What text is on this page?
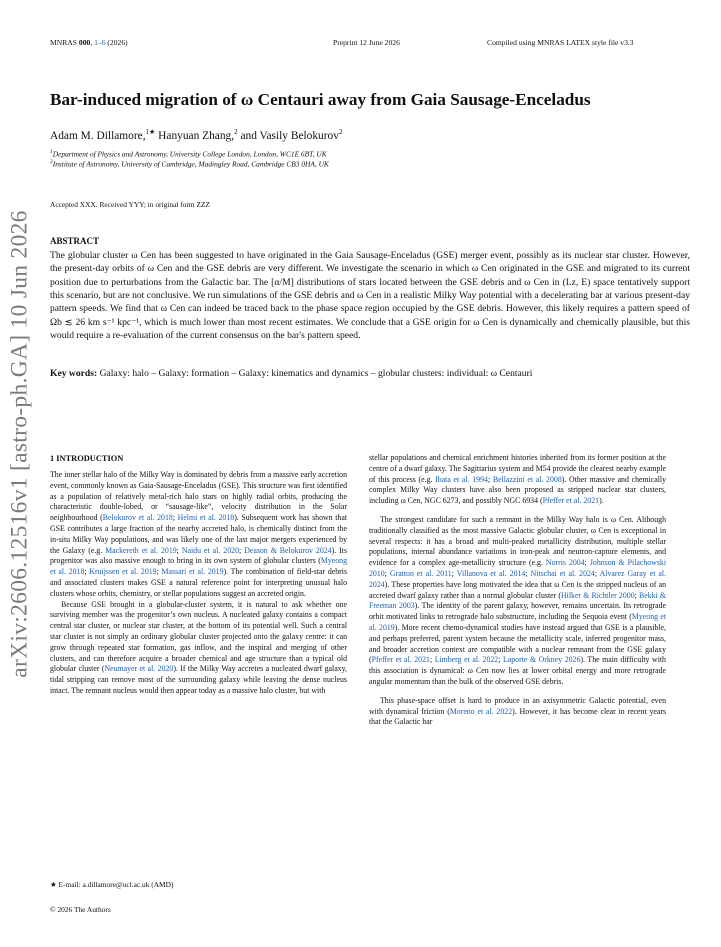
MNRAS 000, 1–6 (2026)	Preprint 12 June 2026	Compiled using MNRAS LATEX style file v3.3
Bar-induced migration of ω Centauri away from Gaia Sausage-Enceladus
Adam M. Dillamore,$^{1★}$ Hanyuan Zhang,$^2$ and Vasily Belokurov$^2$
$^1$Department of Physics and Astronomy, University College London, London, WC1E 6BT, UK
$^2$Institute of Astronomy, University of Cambridge, Madingley Road, Cambridge CB3 0HA, UK
Accepted XXX. Received YYY; in original form ZZZ
arXiv:2606.12516v1 [astro-ph.GA] 10 Jun 2026 ABSTRACT
The globular cluster ω Cen has been suggested to have originated in the Gaia Sausage-Enceladus (GSE) merger event, possibly as its nuclear star cluster. However, the present-day orbits of ω Cen and the GSE debris are very different. We investigate the scenario in which ω Cen originated in the GSE and migrated to its current position due to perturbations from the Galactic bar. The [α/M] distributions of stars located between the GSE debris and ω Cen in (Lz, E) space tentatively support this scenario, but are not conclusive. We run simulations of the GSE debris and ω Cen in a realistic Milky Way potential with a decelerating bar at various present-day pattern speeds. We find that ω Cen can indeed be traced back to the phase space region occupied by the GSE debris. However, this likely requires a pattern speed of Ωb ≲ 26 km s⁻¹ kpc⁻¹, which is much lower than most recent estimates. We conclude that a GSE origin for ω Cen is dynamically and chemically plausible, but this would require a re-evaluation of the current consensus on the bar's pattern speed.
Key words: Galaxy: halo – Galaxy: formation – Galaxy: kinematics and dynamics – globular clusters: individual: ω Centauri
1 INTRODUCTION

The inner stellar halo of the Milky Way is dominated by debris from a massive early accretion event, commonly known as Gaia-Sausage-Enceladus (GSE). This structure was first identified as a population of relatively metal-rich halo stars on highly radial orbits, producing the characteristic double-lobed, or “sausage-like”, velocity distribution in the Solar neighbourhood (Belokurov et al. 2018; Helmi et al. 2018). Subsequent work has shown that GSE contributes a large fraction of the nearby accreted halo, is chemically distinct from the in-situ Milky Way populations, and was likely one of the last major mergers experienced by the Galaxy (e.g. Mackereth et al. 2019; Naidu et al. 2020; Deason & Belokurov 2024). Its progenitor was also massive enough to bring in its own system of globular clusters (Myeong et al. 2018; Kruijssen et al. 2019; Massari et al. 2019). The combination of field-star debris and associated clusters makes GSE a natural reference point for interpreting unusual halo clusters whose orbits, chemistry, or stellar populations suggest an accreted origin.

Because GSE brought in a globular-cluster system, it is natural to ask whether one surviving member was the progenitor’s own nucleus. A nucleated galaxy contains a compact central star cluster, or nuclear star cluster, at the bottom of its potential well. Such a central star cluster is not simply an ordinary globular cluster projected onto the galaxy centre: it can grow through repeated star formation, gas inflow, and the inspiral and merging of other clusters, and can therefore acquire a broader chemical and age structure than a typical old globular cluster (Neumayer et al. 2020). If the Milky Way accretes a nucleated dwarf galaxy, tidal stripping can remove most of the surrounding galaxy while leaving the dense nucleus intact. The remnant nucleus would then appear today as a massive halo cluster, but with

stellar populations and chemical enrichment histories inherited from its former position at the centre of a dwarf galaxy. The Sagittarius system and M54 provide the clearest nearby example of this process (e.g. Ibata et al. 1994; Bellazzini et al. 2008). Other massive and chemically complex Milky Way clusters have also been proposed as stripped nuclear star clusters, including ω Cen, NGC 6273, and possibly NGC 6934 (Pfeffer et al. 2021).

The strongest candidate for such a remnant in the Milky Way halo is ω Cen. Although traditionally classified as the most massive Galactic globular cluster, ω Cen is exceptional in several respects: it has a broad and multi-peaked metallicity distribution, multiple stellar populations, internal abundance variations in iron-peak and neutron-capture elements, and evidence for a complex age-metallicity structure (e.g. Norris 2004; Johnson & Pilachowski 2010; Gratton et al. 2011; Villanova et al. 2014; Nitschai et al. 2024; Alvarez Garay et al. 2024). These properties have long motivated the idea that ω Cen is the stripped nucleus of an accreted dwarf galaxy rather than a normal globular cluster (Hilker & Richtler 2000; Bekki & Freeman 2003). The identity of the parent galaxy, however, remains uncertain. Its retrograde orbit motivated links to retrograde halo substructure, including the Sequoia event (Myeong et al. 2019). More recent chemo-dynamical studies have instead argued that GSE is a plausible, and perhaps preferred, parent system because the metallicity scale, inferred progenitor mass, and broader accretion context are compatible with a nuclear remnant from the GSE galaxy (Pfeffer et al. 2021; Limberg et al. 2022; Laporte & Orkney 2026). The main difficulty with this association is dynamical: ω Cen now lies at lower orbital energy and more retrograde angular momentum than the bulk of the observed GSE debris.

This phase-space offset is hard to produce in an axisymmetric Galactic potential, even with dynamical friction (Moreno et al. 2022). However, it has become clear in recent years that the Galactic bar

★ E-mail: a.dillamore@ucl.ac.uk (AMD)
© 2026 The Authors
